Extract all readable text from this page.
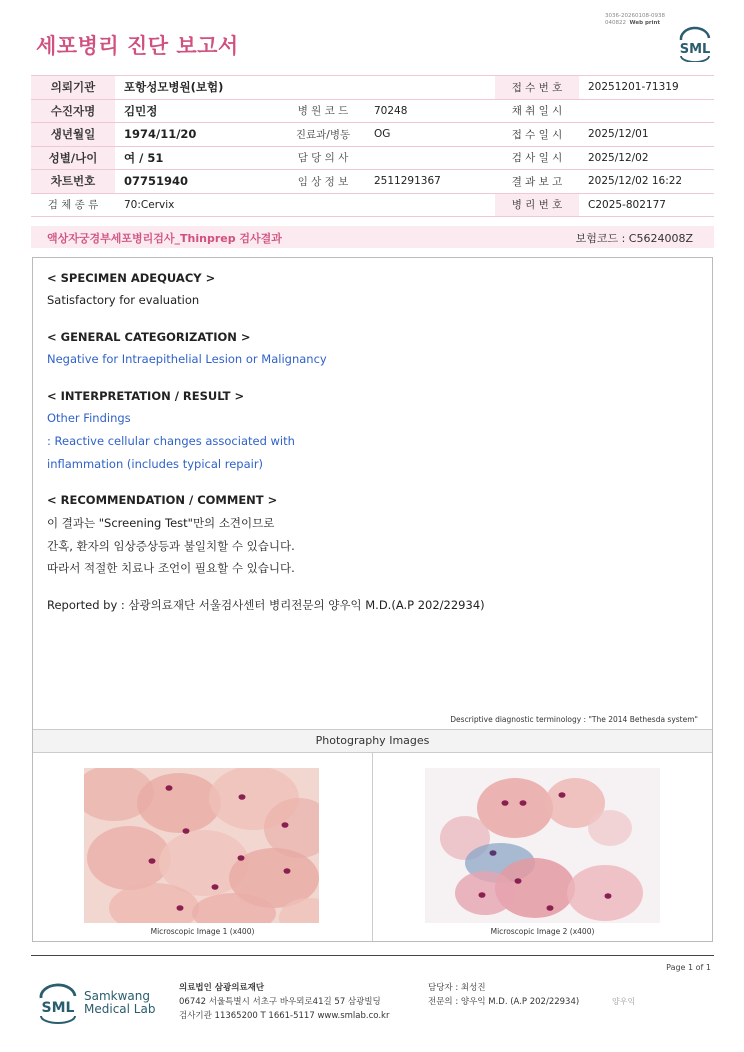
세포병리 진단 보고서
3036-20260108-0938
040822 Web print
SML
의뢰기관	포항성모병원(보험)			접 수 번 호	20251201-71319
수진자명	김민정	병 원 코 드	70248	채 취 일 시	
생년월일	1974/11/20	진료과/병동	OG	접 수 일 시	2025/12/01
성별/나이	여 / 51	담 당 의 사		검 사 일 시	2025/12/02
차트번호	07751940	임 상 정 보	2511291367	결 과 보 고	2025/12/02 16:22
검 체 종 류	70:Cervix			병 리 번 호	C2025-802177
액상자궁경부세포병리검사_Thinprep 검사결과	보험코드 : C5624008Z
< SPECIMEN ADEQUACY >
Satisfactory for evaluation
< GENERAL CATEGORIZATION >
Negative for Intraepithelial Lesion or Malignancy
< INTERPRETATION / RESULT >
Other Findings
: Reactive cellular changes associated with
inflammation (includes typical repair)
< RECOMMENDATION / COMMENT >
이 결과는 "Screening Test"만의 소견이므로
간혹, 환자의 임상증상등과 불일치할 수 있습니다.
따라서 적절한 치료나 조언이 필요할 수 있습니다.
Reported by : 삼광의료재단 서울검사센터 병리전문의 양우익 M.D.(A.P 202/22934)
Descriptive diagnostic terminology : "The 2014 Bethesda system"
Photography Images
Microscopic Image 1 (x400)	Microscopic Image 2 (x400)
Page 1 of 1
SML
Samkwang
Medical Lab
의료법인 삼광의료재단
06742 서울특별시 서초구 바우뫼로41길 57 삼광빌딩
검사기관 11365200 T 1661-5117 www.smlab.co.kr
담당자 : 최성진
전문의 : 양우익 M.D. (A.P 202/22934)	양우익
